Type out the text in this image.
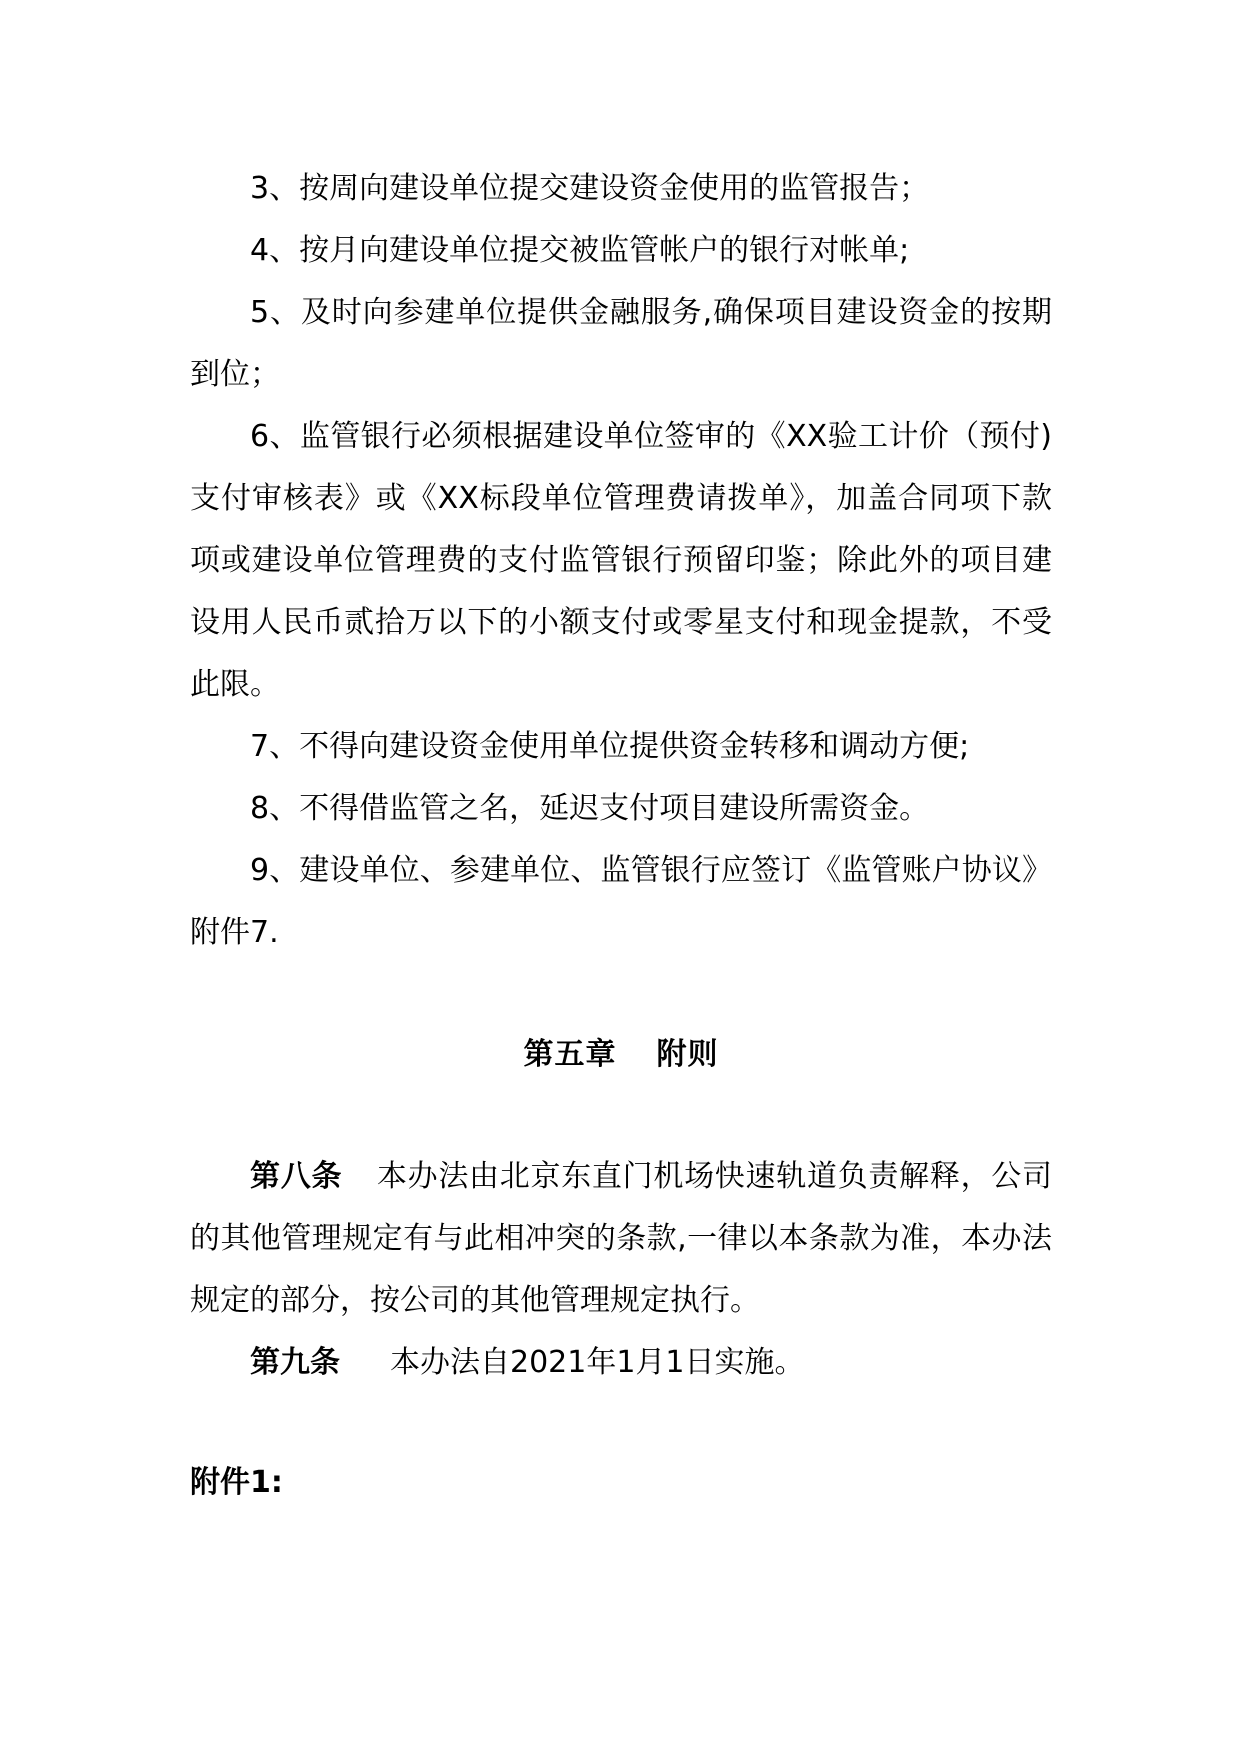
3、按周向建设单位提交建设资金使用的监管报告；

4、按月向建设单位提交被监管帐户的银行对帐单;

5、及时向参建单位提供金融服务,确保项目建设资金的按期到位；

6、监管银行必须根据建设单位签审的《XX验工计价（预付)支付审核表》或《XX标段单位管理费请拨单》，加盖合同项下款项或建设单位管理费的支付监管银行预留印鉴；除此外的项目建设用人民币贰拾万以下的小额支付或零星支付和现金提款，不受此限。

7、不得向建设资金使用单位提供资金转移和调动方便;

8、不得借监管之名，延迟支付项目建设所需资金。

9、建设单位、参建单位、监管银行应签订《监管账户协议》附件7.

第五章 附则

第八条 本办法由北京东直门机场快速轨道负责解释，公司的其他管理规定有与此相冲突的条款,一律以本条款为准，本办法规定的部分，按公司的其他管理规定执行。

第九条 本办法自2021年1月1日实施。

附件1:
